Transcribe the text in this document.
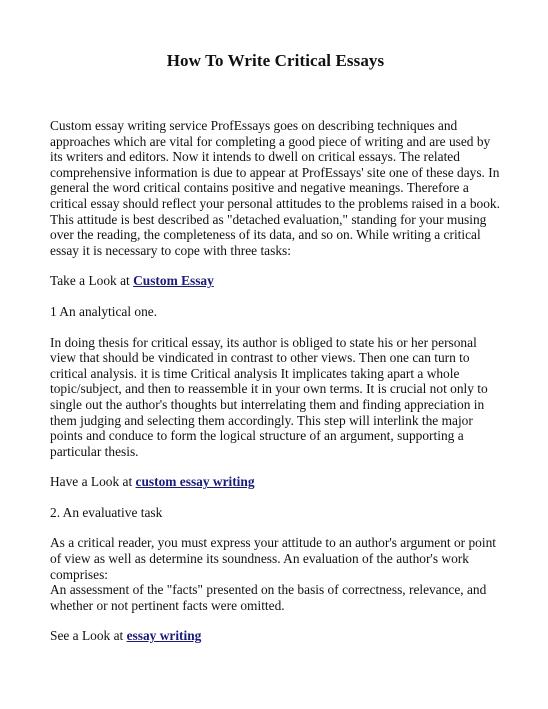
How To Write Critical Essays

Custom essay writing service ProfEssays goes on describing techniques and approaches which are vital for completing a good piece of writing and are used by its writers and editors. Now it intends to dwell on critical essays. The related comprehensive information is due to appear at ProfEssays' site one of these days. In general the word critical contains positive and negative meanings. Therefore a critical essay should reflect your personal attitudes to the problems raised in a book. This attitude is best described as "detached evaluation," standing for your musing over the reading, the completeness of its data, and so on. While writing a critical essay it is necessary to cope with three tasks:

Take a Look at Custom Essay

1 An analytical one.

In doing thesis for critical essay, its author is obliged to state his or her personal view that should be vindicated in contrast to other views. Then one can turn to critical analysis. it is time Critical analysis It implicates taking apart a whole topic/subject, and then to reassemble it in your own terms. It is crucial not only to single out the author's thoughts but interrelating them and finding appreciation in them judging and selecting them accordingly. This step will interlink the major points and conduce to form the logical structure of an argument, supporting a particular thesis.

Have a Look at custom essay writing

2. An evaluative task

As a critical reader, you must express your attitude to an author's argument or point of view as well as determine its soundness. An evaluation of the author's work comprises:
An assessment of the "facts" presented on the basis of correctness, relevance, and whether or not pertinent facts were omitted.

See a Look at essay writing
